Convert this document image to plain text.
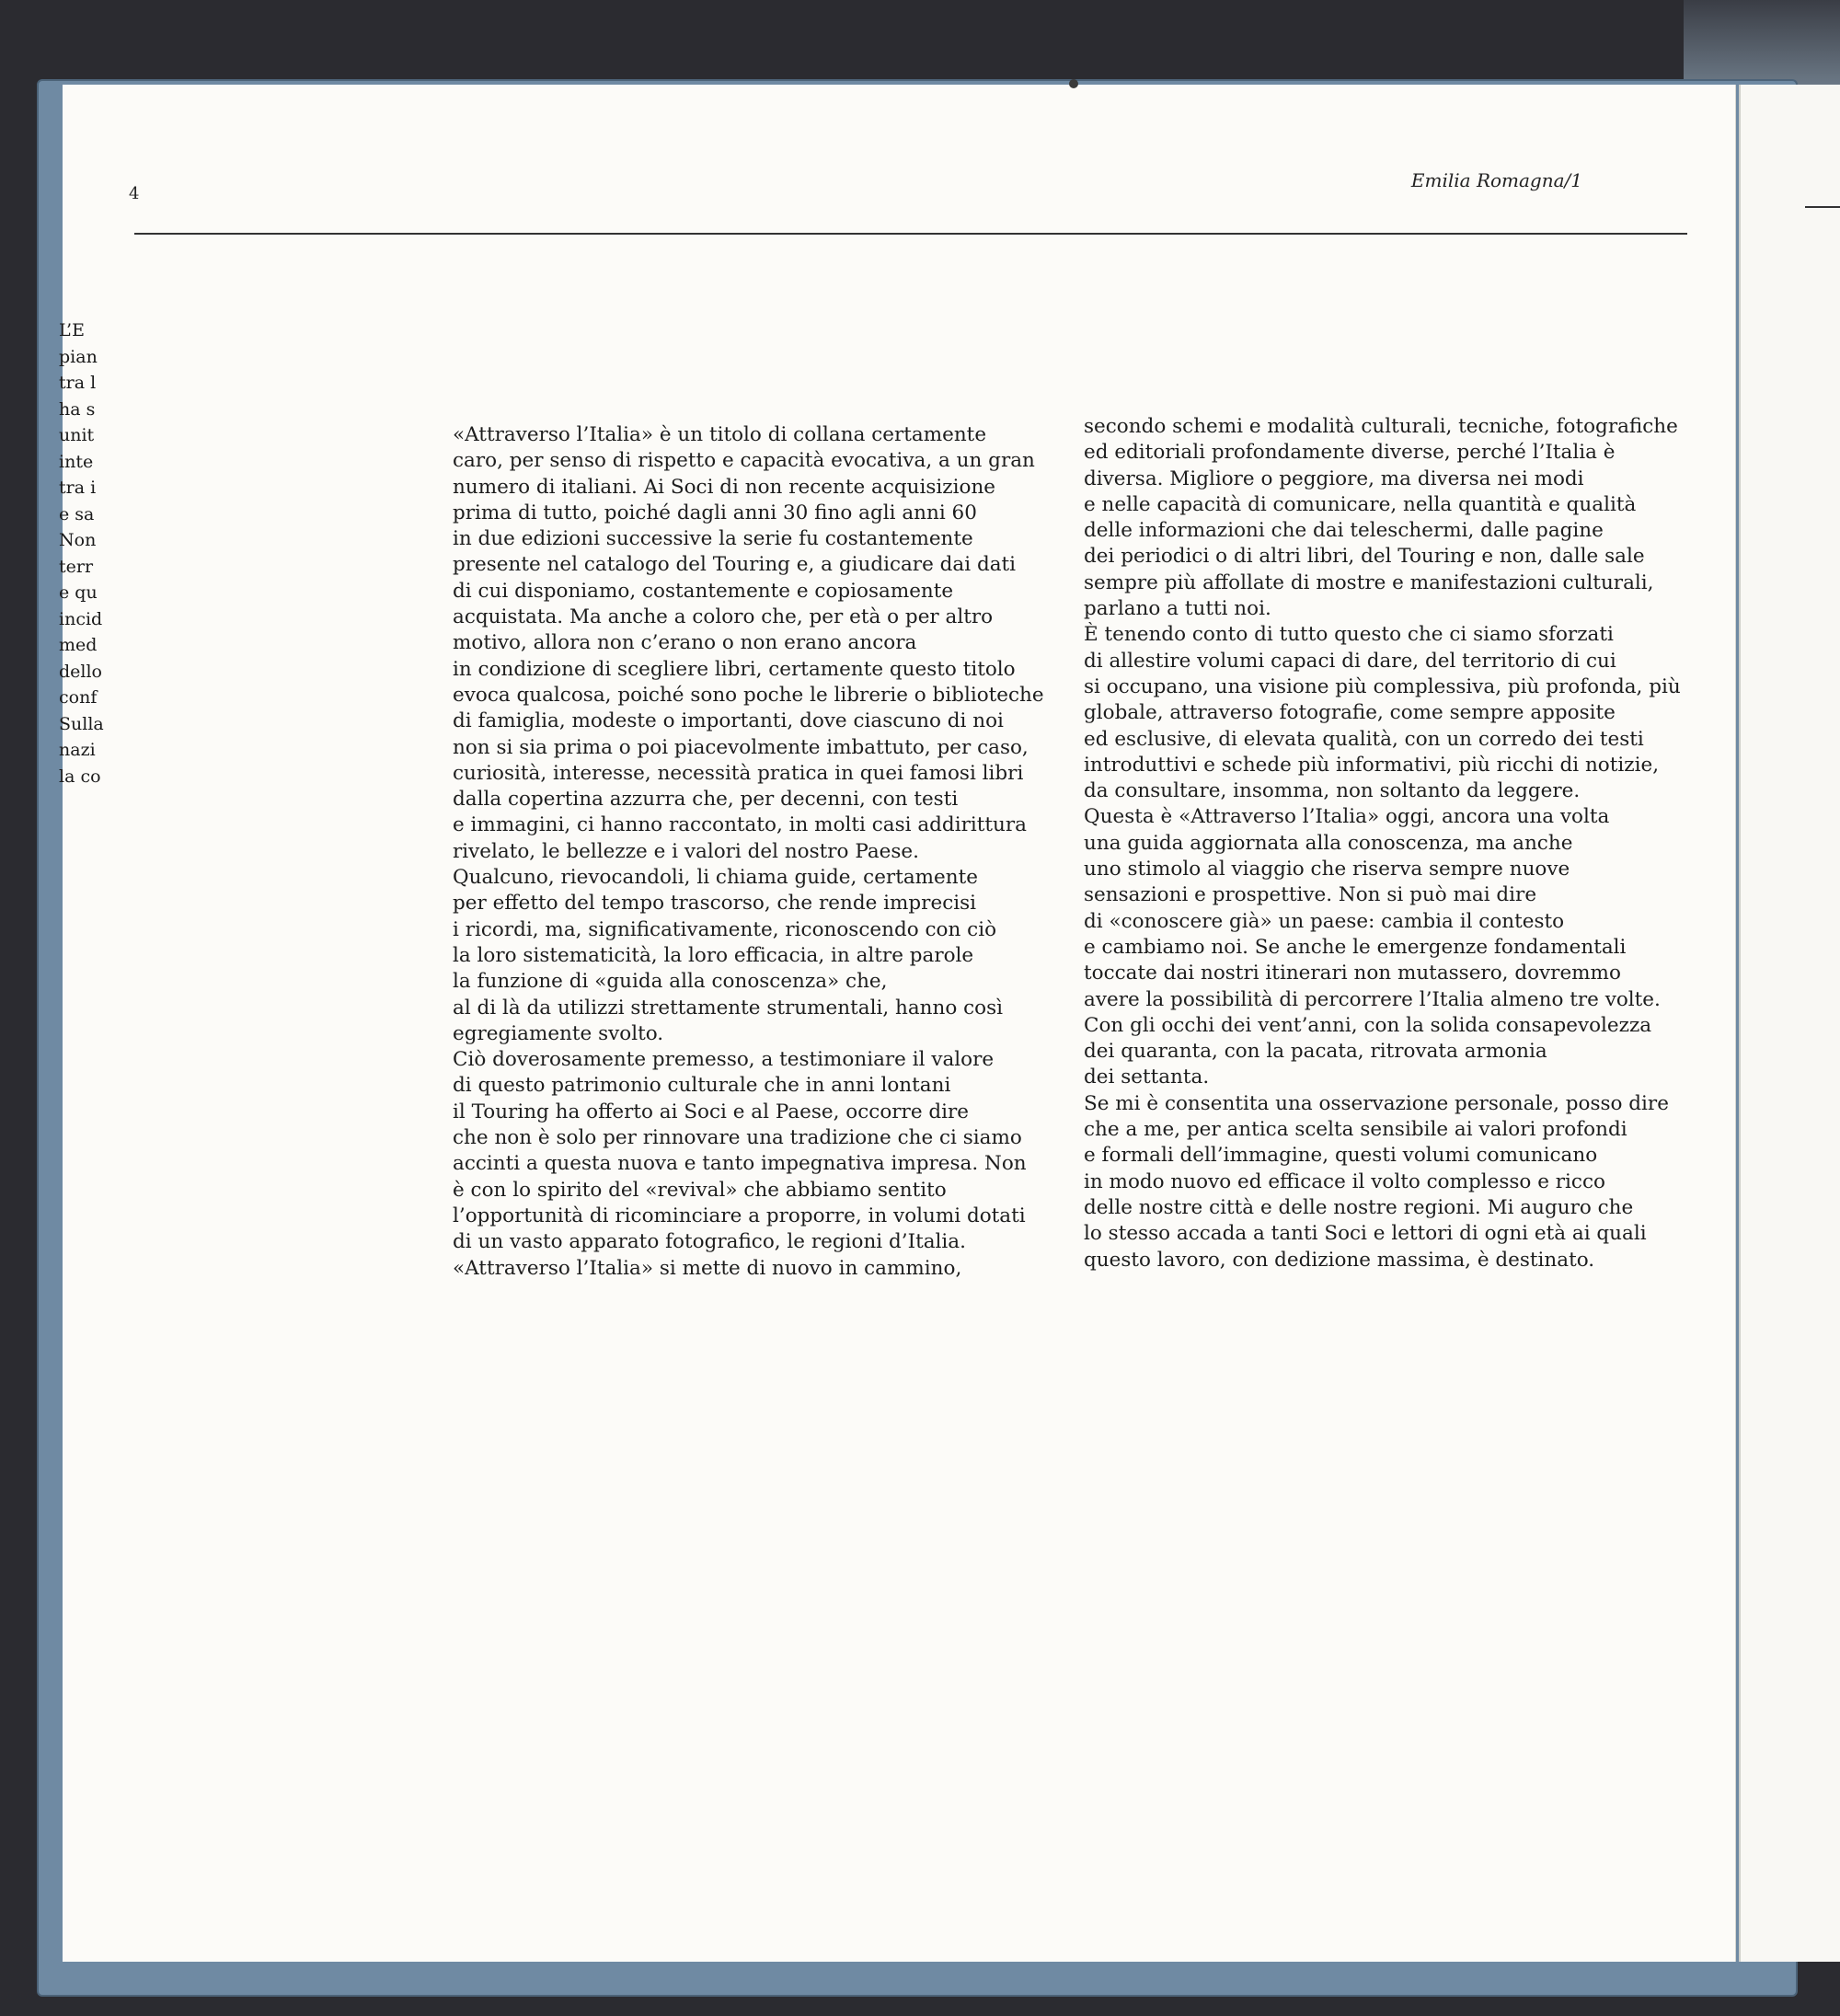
L’E
pian
tra l
ha s
unit
inte
tra i
e sa
Non
terr
e qu
incid
med
dello
conf
Sulla
nazi
la co
4
Emilia Romagna/1
«Attraverso l’Italia» è un titolo di collana certamente
caro, per senso di rispetto e capacità evocativa, a un gran
numero di italiani. Ai Soci di non recente acquisizione
prima di tutto, poiché dagli anni 30 fino agli anni 60
in due edizioni successive la serie fu costantemente
presente nel catalogo del Touring e, a giudicare dai dati
di cui disponiamo, costantemente e copiosamente
acquistata. Ma anche a coloro che, per età o per altro
motivo, allora non c’erano o non erano ancora
in condizione di scegliere libri, certamente questo titolo
evoca qualcosa, poiché sono poche le librerie o biblioteche
di famiglia, modeste o importanti, dove ciascuno di noi
non si sia prima o poi piacevolmente imbattuto, per caso,
curiosità, interesse, necessità pratica in quei famosi libri
dalla copertina azzurra che, per decenni, con testi
e immagini, ci hanno raccontato, in molti casi addirittura
rivelato, le bellezze e i valori del nostro Paese.
Qualcuno, rievocandoli, li chiama guide, certamente
per effetto del tempo trascorso, che rende imprecisi
i ricordi, ma, significativamente, riconoscendo con ciò
la loro sistematicità, la loro efficacia, in altre parole
la funzione di «guida alla conoscenza» che,
al di là da utilizzi strettamente strumentali, hanno così
egregiamente svolto.
Ciò doverosamente premesso, a testimoniare il valore
di questo patrimonio culturale che in anni lontani
il Touring ha offerto ai Soci e al Paese, occorre dire
che non è solo per rinnovare una tradizione che ci siamo
accinti a questa nuova e tanto impegnativa impresa. Non
è con lo spirito del «revival» che abbiamo sentito
l’opportunità di ricominciare a proporre, in volumi dotati
di un vasto apparato fotografico, le regioni d’Italia.
«Attraverso l’Italia» si mette di nuovo in cammino,
secondo schemi e modalità culturali, tecniche, fotografiche
ed editoriali profondamente diverse, perché l’Italia è
diversa. Migliore o peggiore, ma diversa nei modi
e nelle capacità di comunicare, nella quantità e qualità
delle informazioni che dai teleschermi, dalle pagine
dei periodici o di altri libri, del Touring e non, dalle sale
sempre più affollate di mostre e manifestazioni culturali,
parlano a tutti noi.
È tenendo conto di tutto questo che ci siamo sforzati
di allestire volumi capaci di dare, del territorio di cui
si occupano, una visione più complessiva, più profonda, più
globale, attraverso fotografie, come sempre apposite
ed esclusive, di elevata qualità, con un corredo dei testi
introduttivi e schede più informativi, più ricchi di notizie,
da consultare, insomma, non soltanto da leggere.
Questa è «Attraverso l’Italia» oggi, ancora una volta
una guida aggiornata alla conoscenza, ma anche
uno stimolo al viaggio che riserva sempre nuove
sensazioni e prospettive. Non si può mai dire
di «conoscere già» un paese: cambia il contesto
e cambiamo noi. Se anche le emergenze fondamentali
toccate dai nostri itinerari non mutassero, dovremmo
avere la possibilità di percorrere l’Italia almeno tre volte.
Con gli occhi dei vent’anni, con la solida consapevolezza
dei quaranta, con la pacata, ritrovata armonia
dei settanta.
Se mi è consentita una osservazione personale, posso dire
che a me, per antica scelta sensibile ai valori profondi
e formali dell’immagine, questi volumi comunicano
in modo nuovo ed efficace il volto complesso e ricco
delle nostre città e delle nostre regioni. Mi auguro che
lo stesso accada a tanti Soci e lettori di ogni età ai quali
questo lavoro, con dedizione massima, è destinato.
